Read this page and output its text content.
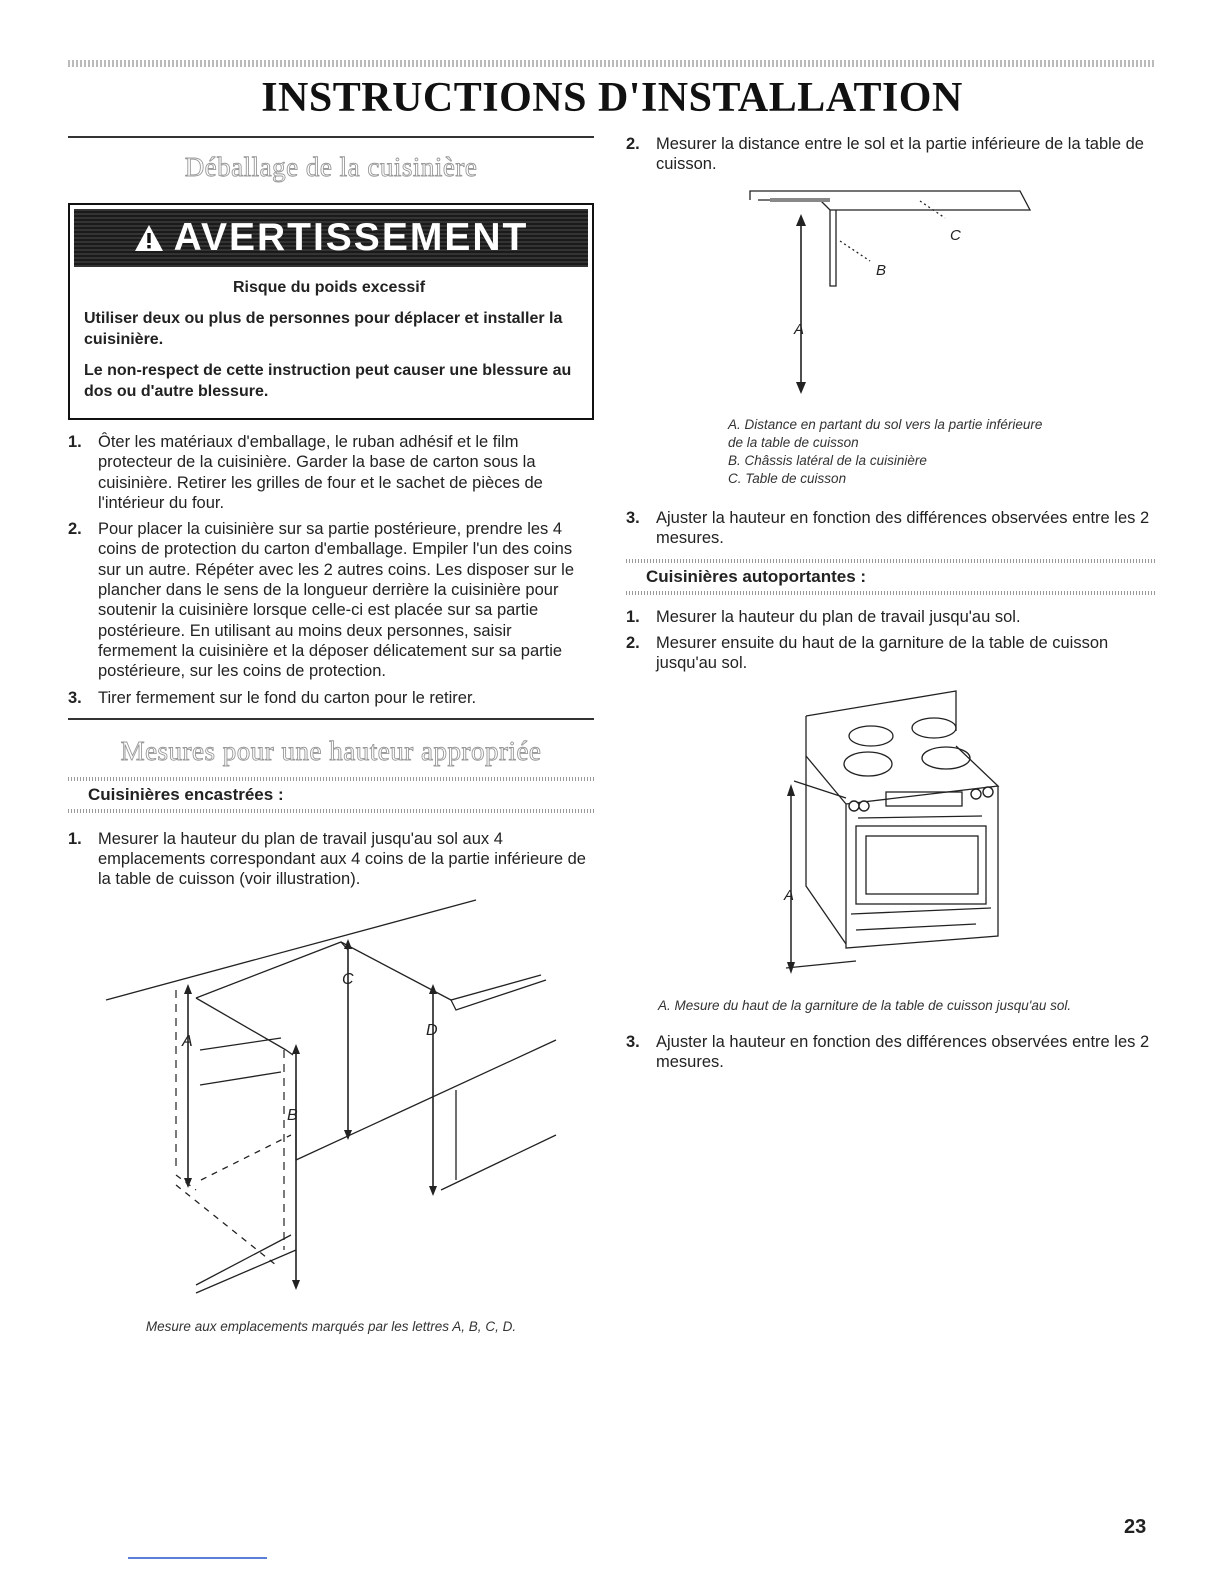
INSTRUCTIONS D'INSTALLATION
Déballage de la cuisinière
AVERTISSEMENT
Risque du poids excessif

Utiliser deux ou plus de personnes pour déplacer et installer la cuisinière.

Le non-respect de cette instruction peut causer une blessure au dos ou d'autre blessure.

1. Ôter les matériaux d'emballage, le ruban adhésif et le film protecteur de la cuisinière. Garder la base de carton sous la cuisinière. Retirer les grilles de four et le sachet de pièces de l'intérieur du four.
2. Pour placer la cuisinière sur sa partie postérieure, prendre les 4 coins de protection du carton d'emballage. Empiler l'un des coins sur un autre. Répéter avec les 2 autres coins. Les disposer sur le plancher dans le sens de la longueur derrière la cuisinière pour soutenir la cuisinière lorsque celle-ci est placée sur sa partie postérieure. En utilisant au moins deux personnes, saisir fermement la cuisinière et la déposer délicatement sur sa partie postérieure, sur les coins de protection.
3. Tirer fermement sur le fond du carton pour le retirer.
Mesures pour une hauteur appropriée
Cuisinières encastrées :
1. Mesurer la hauteur du plan de travail jusqu'au sol aux 4 emplacements correspondant aux 4 coins de la partie inférieure de la table de cuisson (voir illustration).
A
B
C
D
Mesure aux emplacements marqués par les lettres A, B, C, D.
2. Mesurer la distance entre le sol et la partie inférieure de la table de cuisson.
C
B
A
A. Distance en partant du sol vers la partie inférieure de la table de cuisson
B. Châssis latéral de la cuisinière
C. Table de cuisson
3. Ajuster la hauteur en fonction des différences observées entre les 2 mesures.
Cuisinières autoportantes :
1. Mesurer la hauteur du plan de travail jusqu'au sol.
2. Mesurer ensuite du haut de la garniture de la table de cuisson jusqu'au sol.
A
A. Mesure du haut de la garniture de la table de cuisson jusqu'au sol.
3. Ajuster la hauteur en fonction des différences observées entre les 2 mesures.
23
